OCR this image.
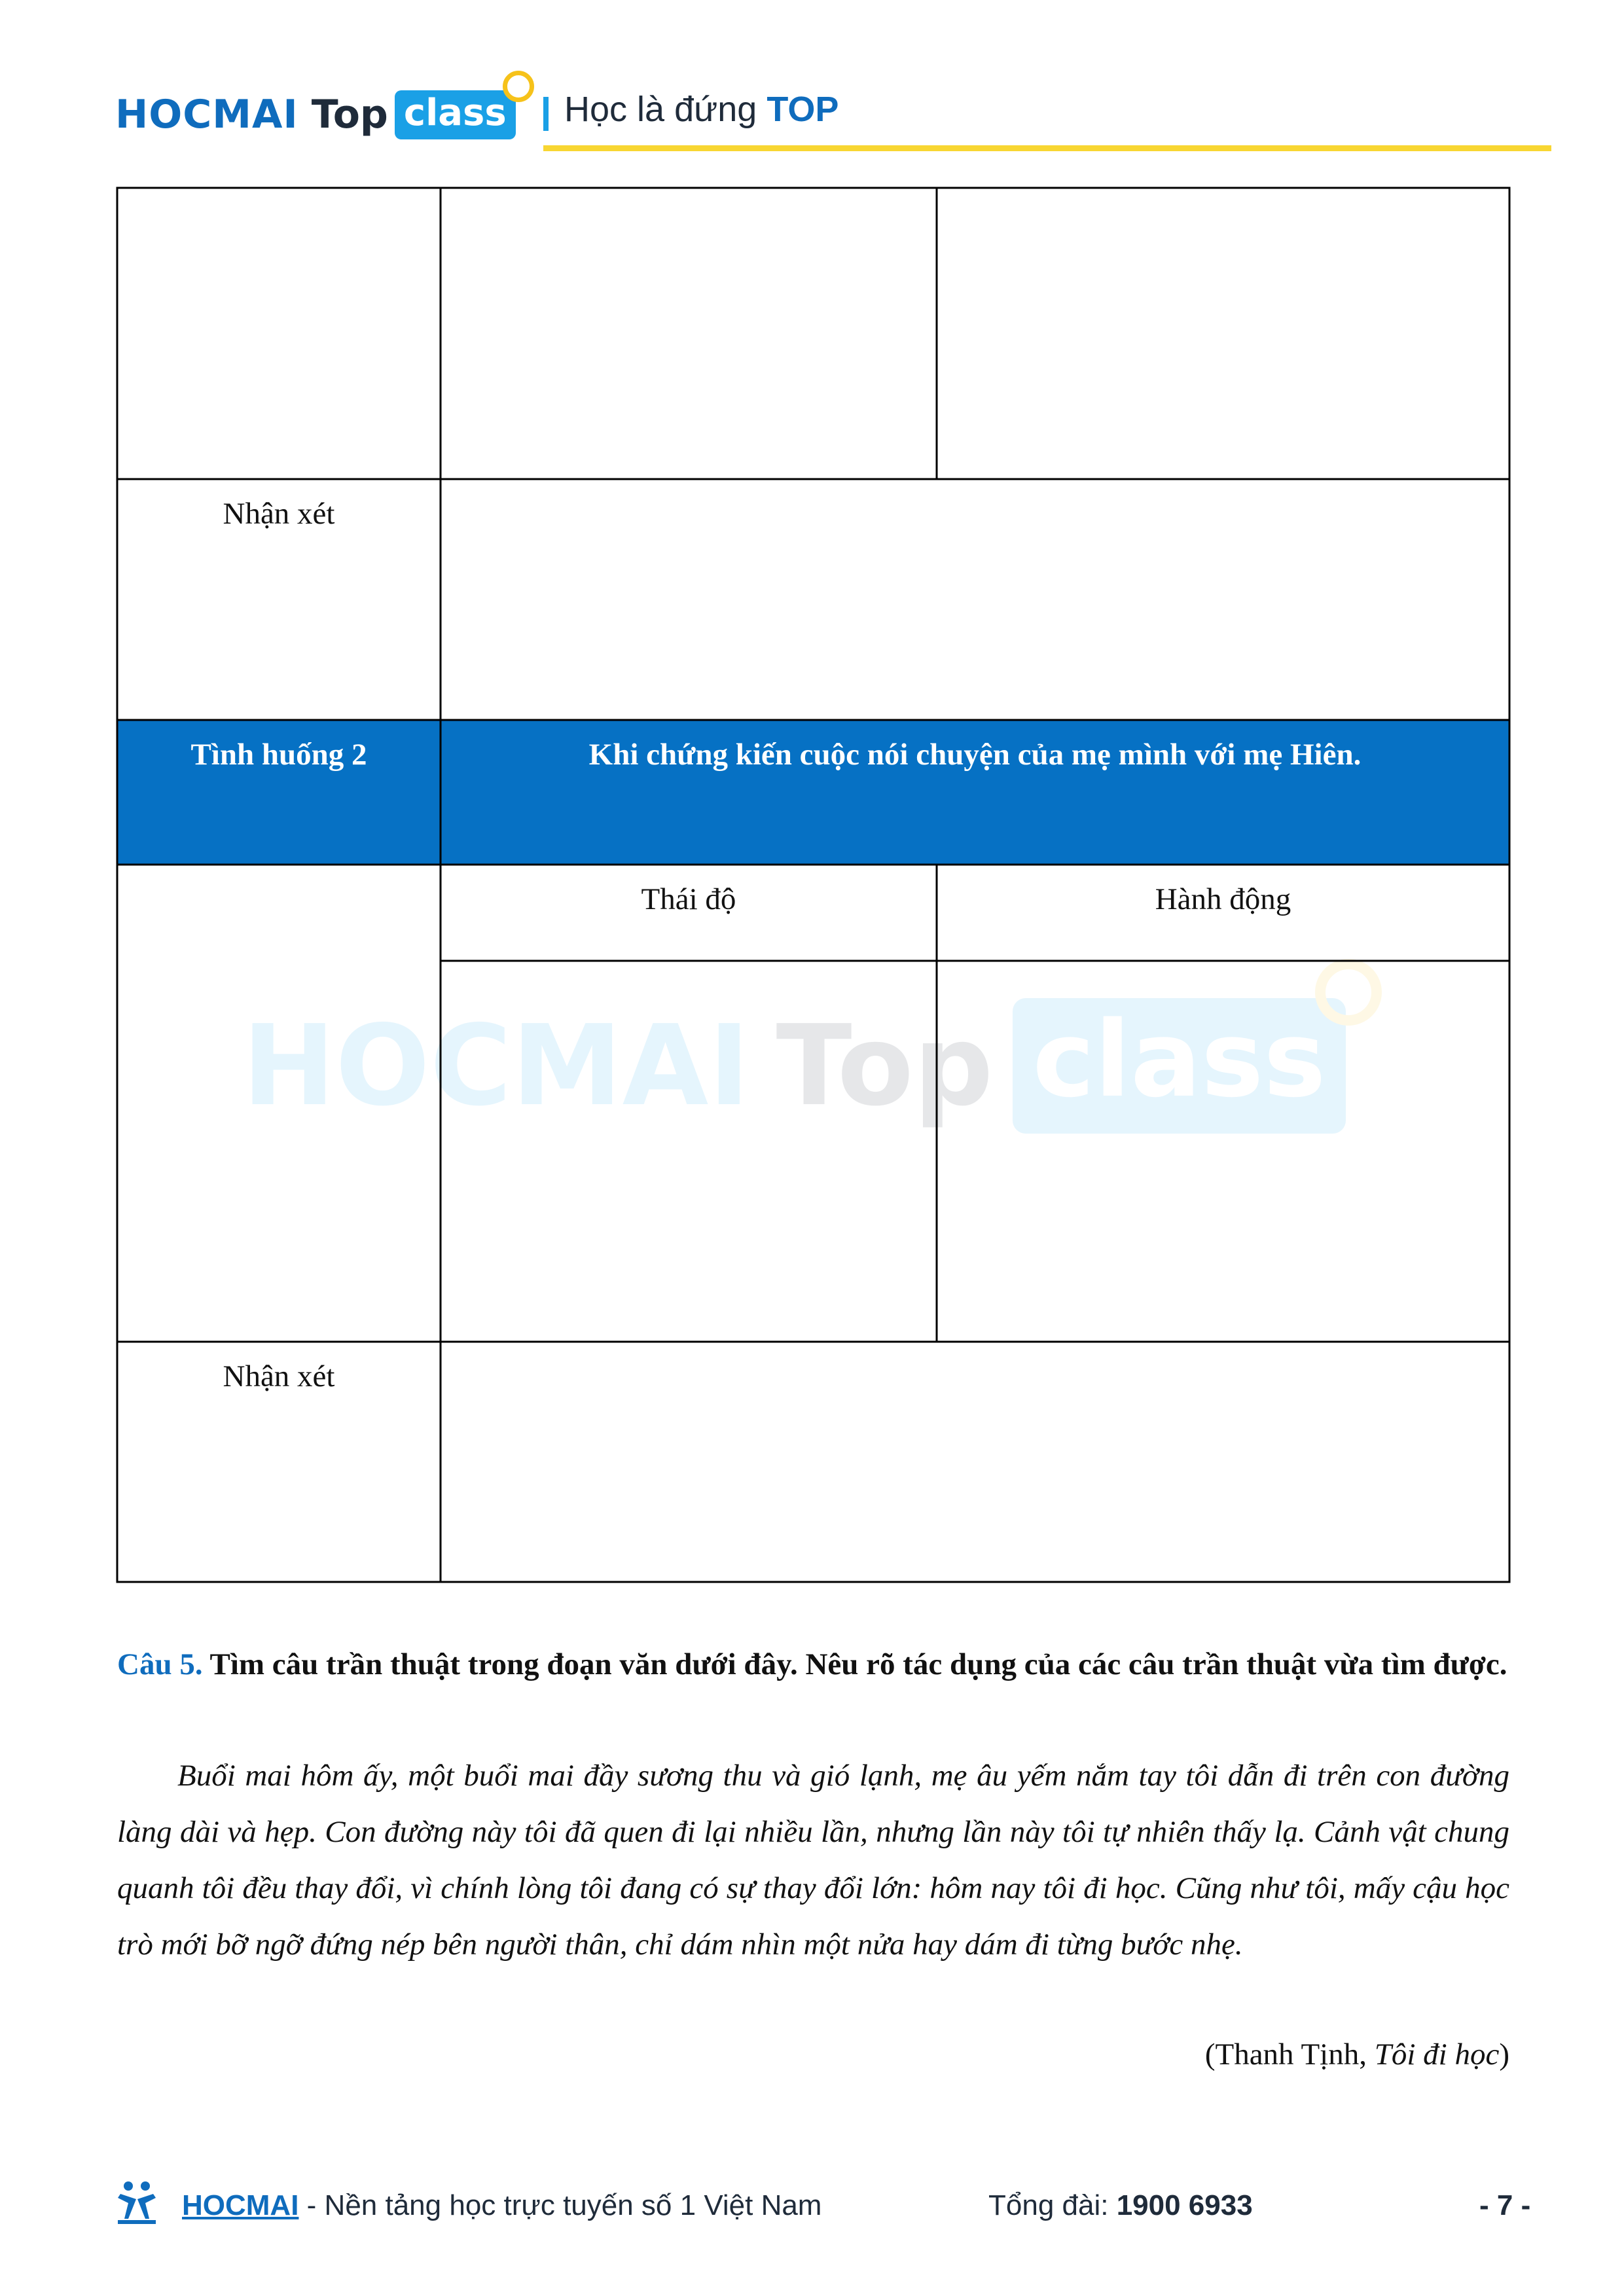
HOCMAI Top class Học là đứng TOP
HOCMAI Top class
Nhận xét
Tình huống 2	Khi chứng kiến cuộc nói chuyện của mẹ mình với mẹ Hiên.
Thái độ	Hành động
Nhận xét
Câu 5. Tìm câu trần thuật trong đoạn văn dưới đây. Nêu rõ tác dụng của các câu trần thuật vừa tìm được.
Buổi mai hôm ấy, một buổi mai đầy sương thu và gió lạnh, mẹ âu yếm nắm tay tôi dẫn đi trên con đường làng dài và hẹp. Con đường này tôi đã quen đi lại nhiều lần, nhưng lần này tôi tự nhiên thấy lạ. Cảnh vật chung quanh tôi đều thay đổi, vì chính lòng tôi đang có sự thay đổi lớn: hôm nay tôi đi học. Cũng như tôi, mấy cậu học trò mới bỡ ngỡ đứng nép bên người thân, chỉ dám nhìn một nửa hay dám đi từng bước nhẹ.
(Thanh Tịnh, Tôi đi học)
HOCMAI - Nền tảng học trực tuyến số 1 Việt Nam	Tổng đài: 1900 6933	- 7 -
